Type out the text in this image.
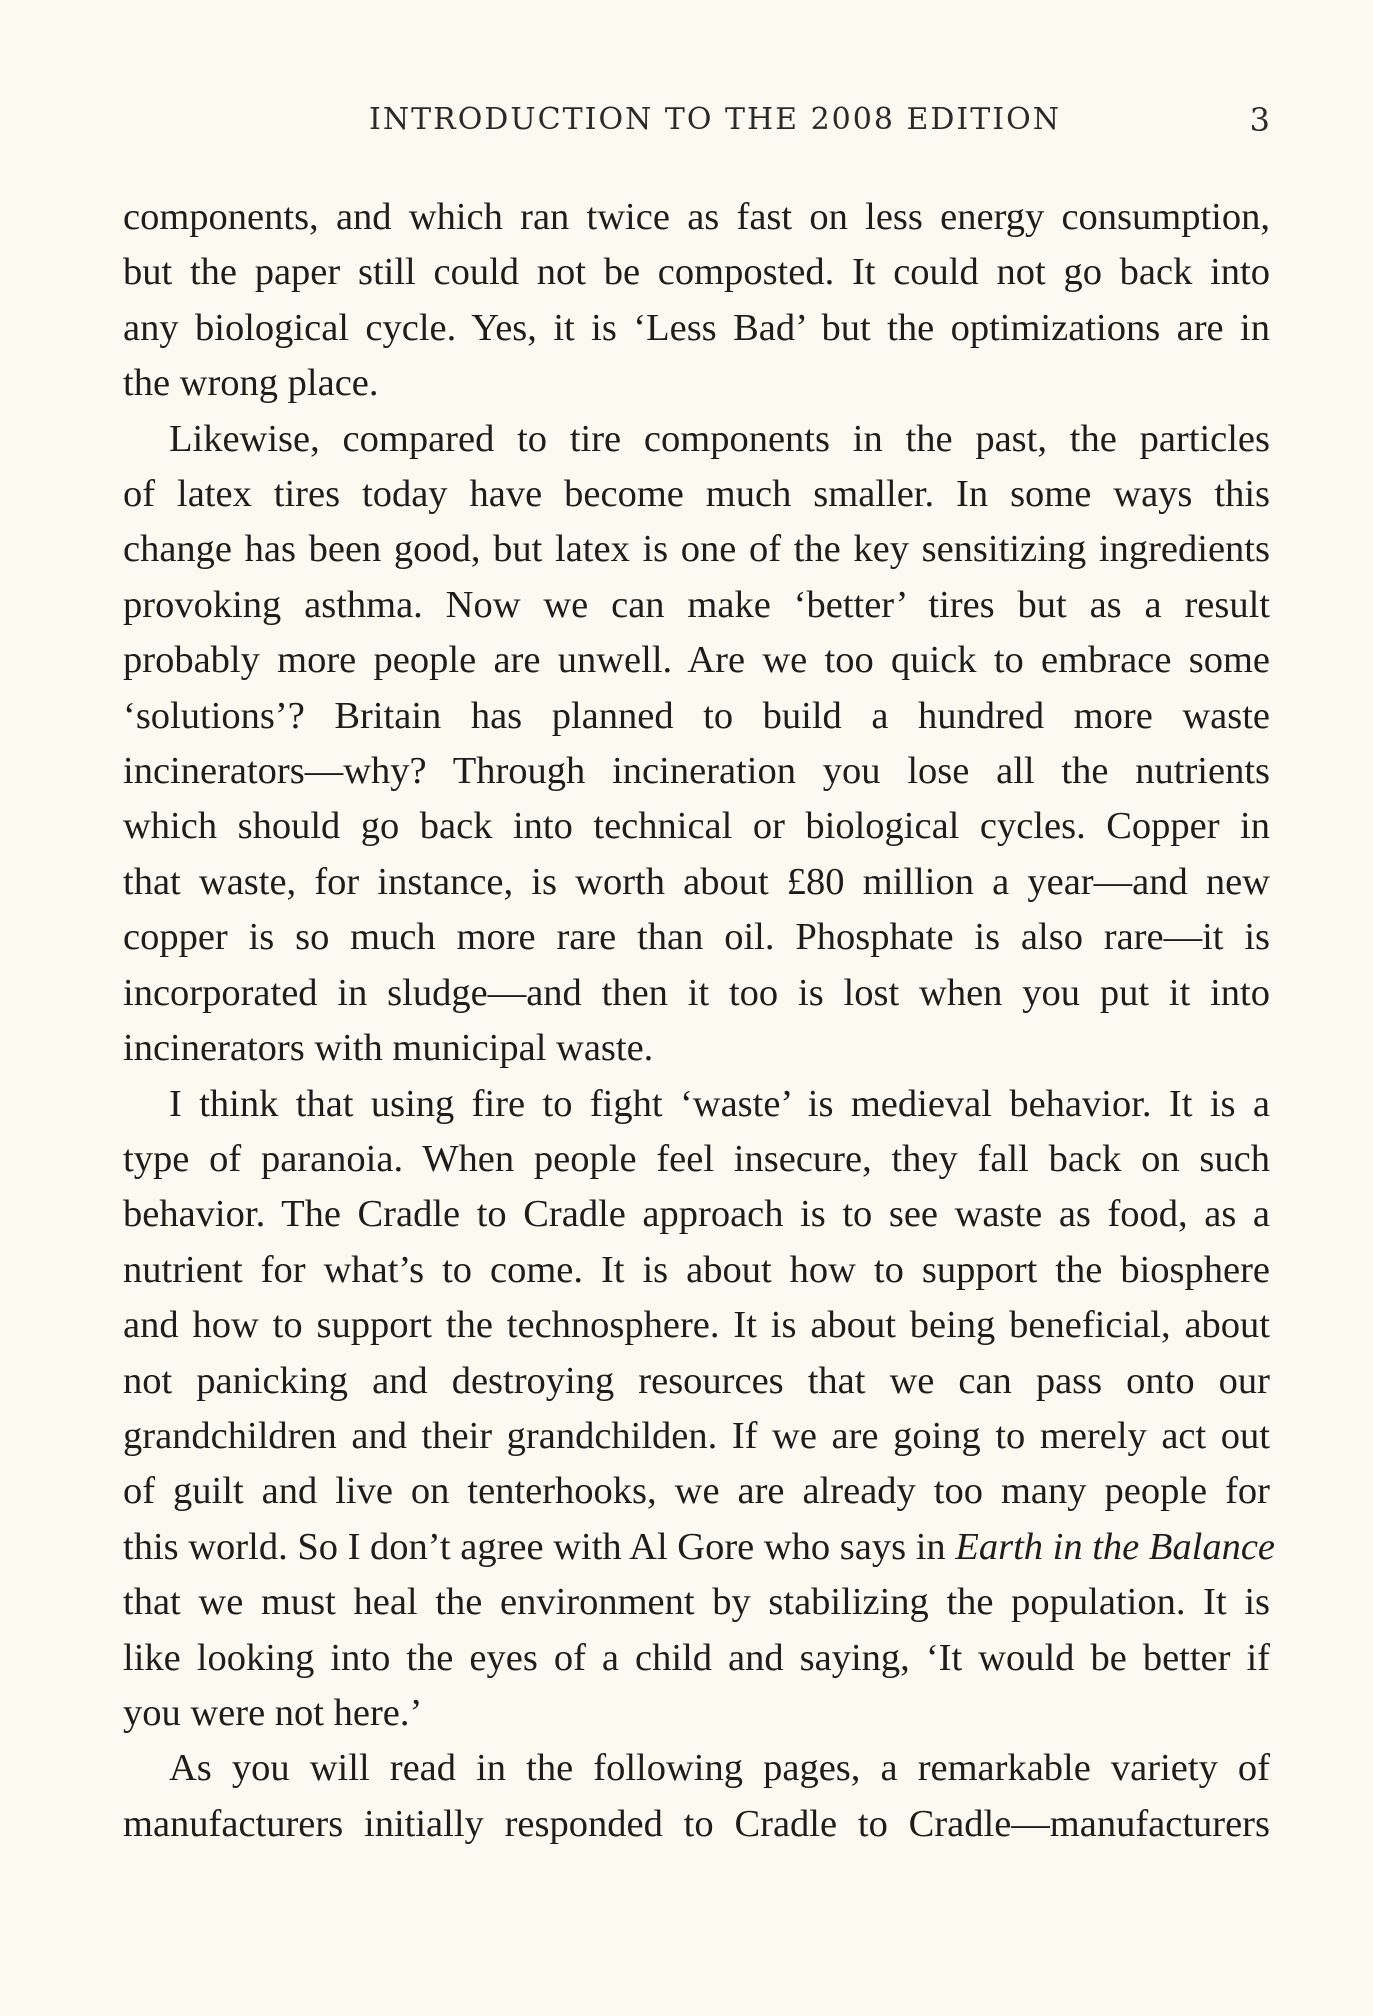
INTRODUCTION TO THE 2008 EDITION	3

components, and which ran twice as fast on less energy consumption,
but the paper still could not be composted. It could not go back into
any biological cycle. Yes, it is ‘Less Bad’ but the optimizations are in
the wrong place.

Likewise, compared to tire components in the past, the particles
of latex tires today have become much smaller. In some ways this
change has been good, but latex is one of the key sensitizing ingredients
provoking asthma. Now we can make ‘better’ tires but as a result
probably more people are unwell. Are we too quick to embrace some
‘solutions’? Britain has planned to build a hundred more waste
incinerators—why? Through incineration you lose all the nutrients
which should go back into technical or biological cycles. Copper in
that waste, for instance, is worth about £80 million a year—and new
copper is so much more rare than oil. Phosphate is also rare—it is
incorporated in sludge—and then it too is lost when you put it into
incinerators with municipal waste.

I think that using fire to fight ‘waste’ is medieval behavior. It is a
type of paranoia. When people feel insecure, they fall back on such
behavior. The Cradle to Cradle approach is to see waste as food, as a
nutrient for what’s to come. It is about how to support the biosphere
and how to support the technosphere. It is about being beneficial, about
not panicking and destroying resources that we can pass onto our
grandchildren and their grandchilden. If we are going to merely act out
of guilt and live on tenterhooks, we are already too many people for
this world. So I don’t agree with Al Gore who says in Earth in the Balance
that we must heal the environment by stabilizing the population. It is
like looking into the eyes of a child and saying, ‘It would be better if
you were not here.’

As you will read in the following pages, a remarkable variety of
manufacturers initially responded to Cradle to Cradle—manufacturers
